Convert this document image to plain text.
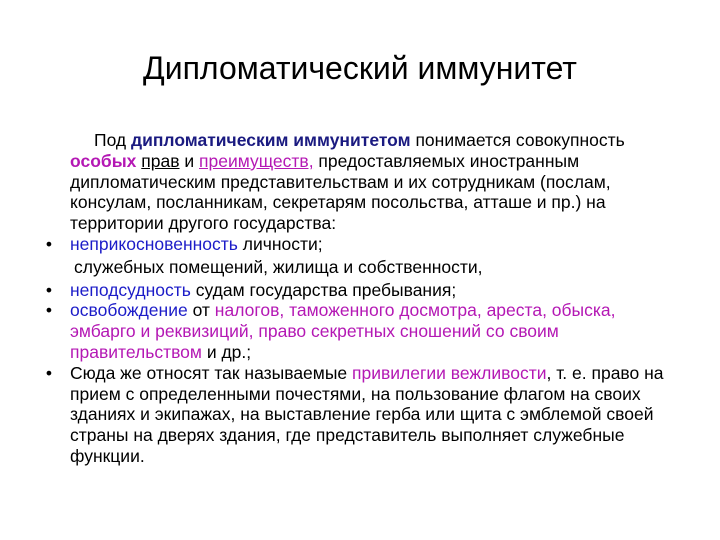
Дипломатический иммунитет
Под дипломатическим иммунитетом понимается совокупность особых прав и преимуществ, предоставляемых иностранным дипломатическим представительствам и их сотрудникам (послам, консулам, посланникам, секретарям посольства, атташе и пр.) на территории другого государства:
• неприкосновенность личности;
служебных помещений, жилища и собственности,
• неподсудность судам государства пребывания;
• освобождение от налогов, таможенного досмотра, ареста, обыска, эмбарго и реквизиций, право секретных сношений со своим правительством и др.;
• Сюда же относят так называемые привилегии вежливости, т. е. право на прием с определенными почестями, на пользование флагом на своих зданиях и экипажах, на выставление герба или щита с эмблемой своей страны на дверях здания, где представитель выполняет служебные функции.
